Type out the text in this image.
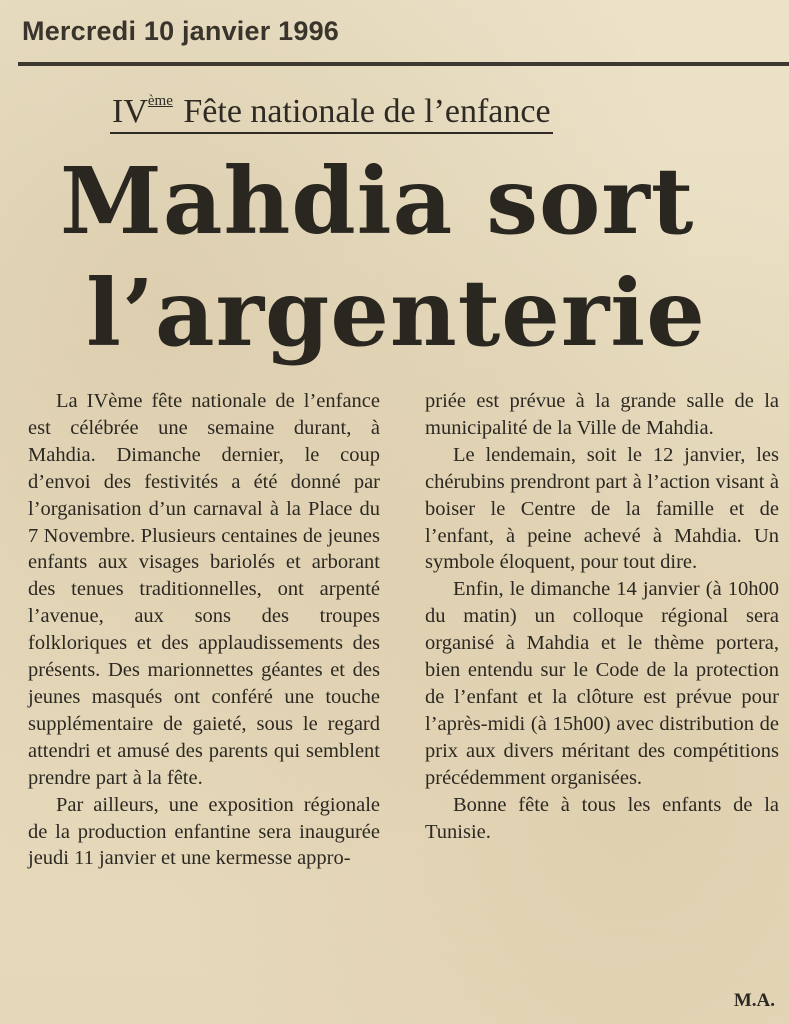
Mercredi 10 janvier 1996
IVème Fête nationale de l’enfance
Mahdia sort
l’argenterie

La IVème fête nationale de l’enfance est célébrée une semaine durant, à Mahdia. Dimanche dernier, le coup d’envoi des festivités a été donné par l’organisation d’un carnaval à la Place du 7 Novembre. Plusieurs centaines de jeunes enfants aux visages bariolés et arborant des tenues traditionnelles, ont arpenté l’avenue, aux sons des troupes folkloriques et des applaudissements des présents. Des marionnettes géantes et des jeunes masqués ont conféré une touche supplémentaire de gaieté, sous le regard attendri et amusé des parents qui semblent prendre part à la fête.

Par ailleurs, une exposition régionale de la production enfantine sera inaugurée jeudi 11 janvier et une kermesse appro-

priée est prévue à la grande salle de la municipalité de la Ville de Mahdia.

Le lendemain, soit le 12 janvier, les chérubins prendront part à l’action visant à boiser le Centre de la famille et de l’enfant, à peine achevé à Mahdia. Un symbole éloquent, pour tout dire.

Enfin, le dimanche 14 janvier (à 10h00 du matin) un colloque régional sera organisé à Mahdia et le thème portera, bien entendu sur le Code de la protection de l’enfant et la clôture est prévue pour l’après-midi (à 15h00) avec distribution de prix aux divers méritant des compétitions précédemment organisées.

Bonne fête à tous les enfants de la Tunisie.

M.A.
